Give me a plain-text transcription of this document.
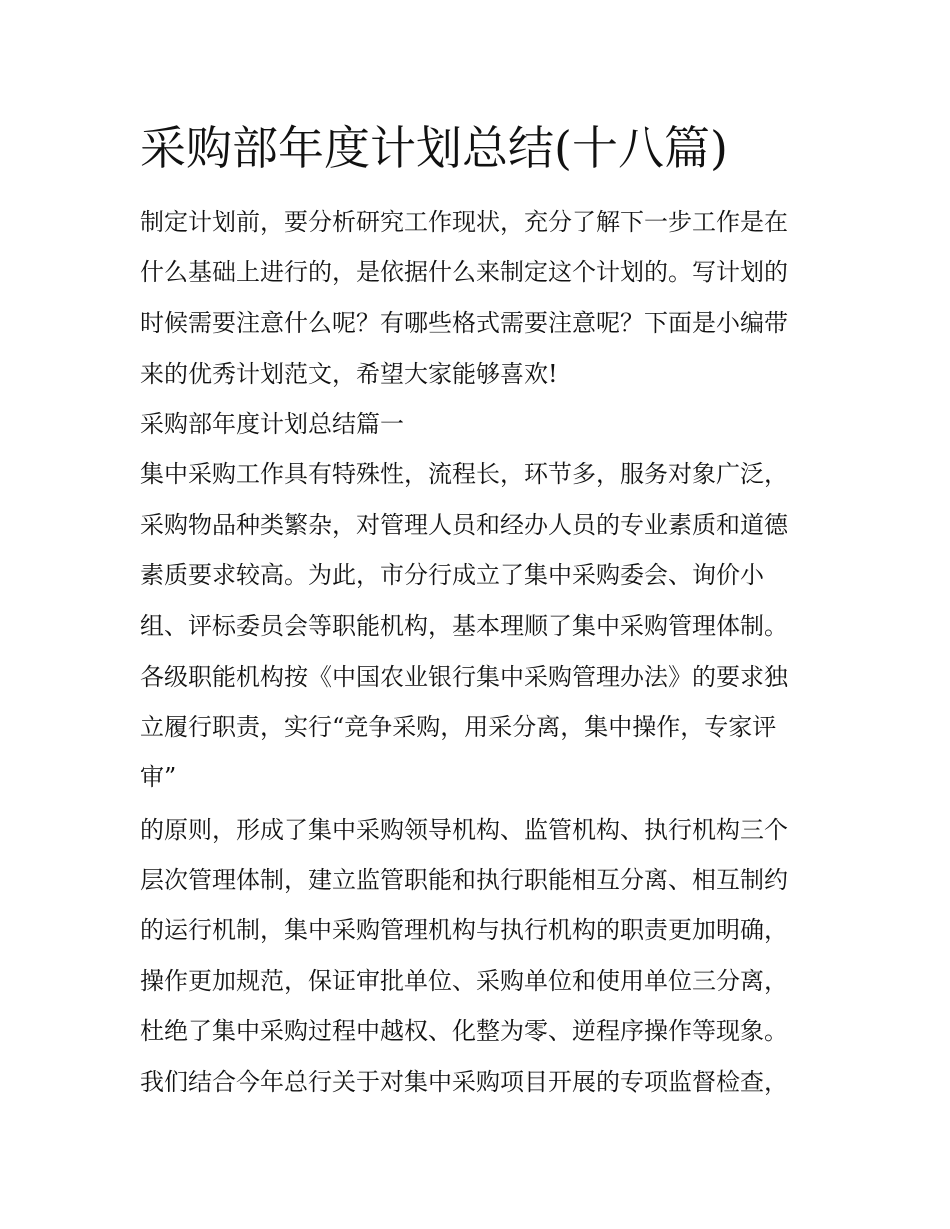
采购部年度计划总结(十八篇)

制定计划前，要分析研究工作现状，充分了解下一步工作是在

什么基础上进行的，是依据什么来制定这个计划的。写计划的

时候需要注意什么呢？有哪些格式需要注意呢？下面是小编带

来的优秀计划范文，希望大家能够喜欢!

采购部年度计划总结篇一

集中采购工作具有特殊性，流程长，环节多，服务对象广泛，

采购物品种类繁杂，对管理人员和经办人员的专业素质和道德

素质要求较高。为此，市分行成立了集中采购委会、询价小

组、评标委员会等职能机构，基本理顺了集中采购管理体制。

各级职能机构按《中国农业银行集中采购管理办法》的要求独

立履行职责，实行“竞争采购，用采分离，集中操作，专家评

审”

的原则，形成了集中采购领导机构、监管机构、执行机构三个

层次管理体制，建立监管职能和执行职能相互分离、相互制约

的运行机制，集中采购管理机构与执行机构的职责更加明确，

操作更加规范，保证审批单位、采购单位和使用单位三分离，

杜绝了集中采购过程中越权、化整为零、逆程序操作等现象。

我们结合今年总行关于对集中采购项目开展的专项监督检查，
